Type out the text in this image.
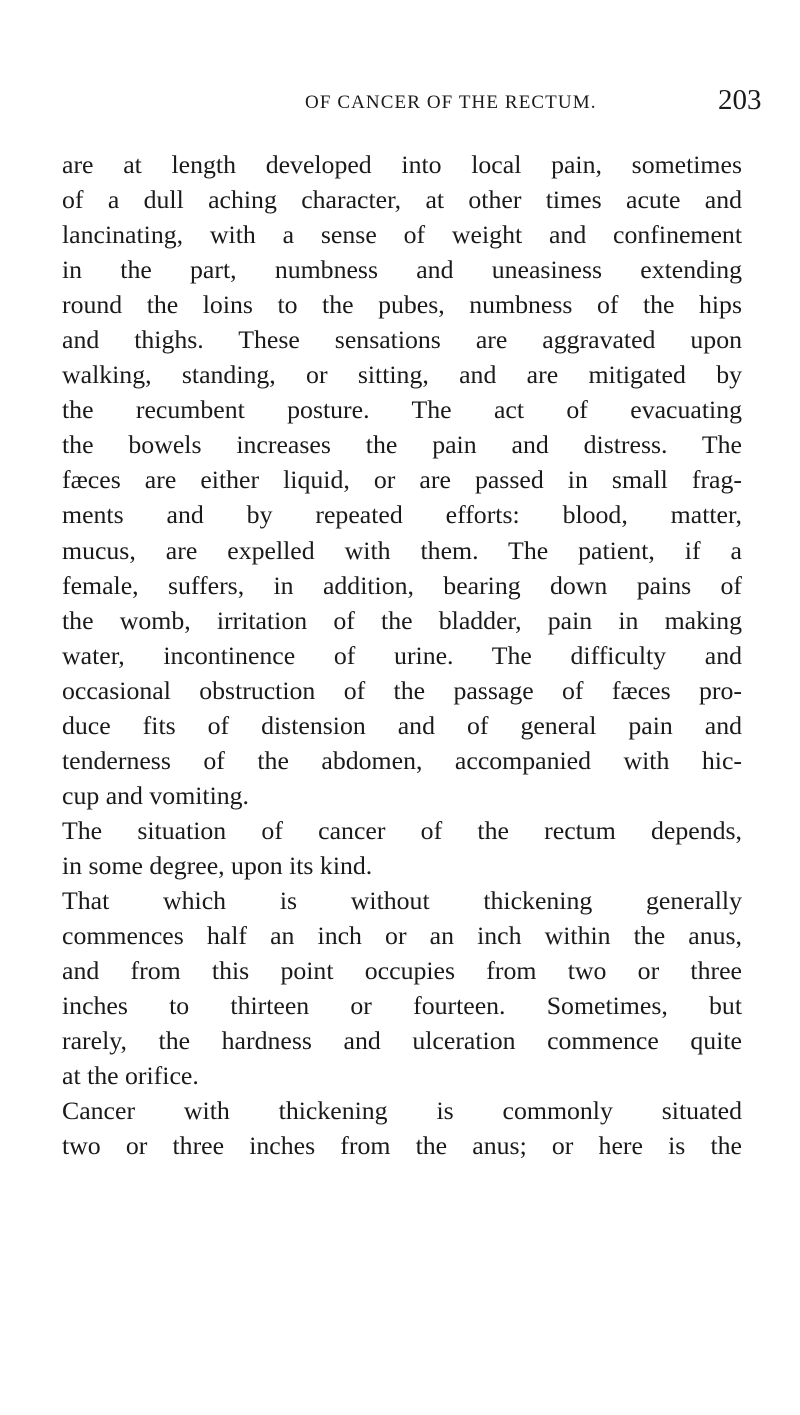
OF CANCER OF THE RECTUM.	203
are at length developed into local pain, sometimes
of a dull aching character, at other times acute and
lancinating, with a sense of weight and confinement
in the part, numbness and uneasiness extending
round the loins to the pubes, numbness of the hips
and thighs. These sensations are aggravated upon
walking, standing, or sitting, and are mitigated by
the recumbent posture. The act of evacuating
the bowels increases the pain and distress. The
fæces are either liquid, or are passed in small frag-
ments and by repeated efforts: blood, matter,
mucus, are expelled with them. The patient, if a
female, suffers, in addition, bearing down pains of
the womb, irritation of the bladder, pain in making
water, incontinence of urine. The difficulty and
occasional obstruction of the passage of fæces pro-
duce fits of distension and of general pain and
tenderness of the abdomen, accompanied with hic-
cup and vomiting.
The situation of cancer of the rectum depends,
in some degree, upon its kind.
That which is without thickening generally
commences half an inch or an inch within the anus,
and from this point occupies from two or three
inches to thirteen or fourteen. Sometimes, but
rarely, the hardness and ulceration commence quite
at the orifice.
Cancer with thickening is commonly situated
two or three inches from the anus; or here is the
